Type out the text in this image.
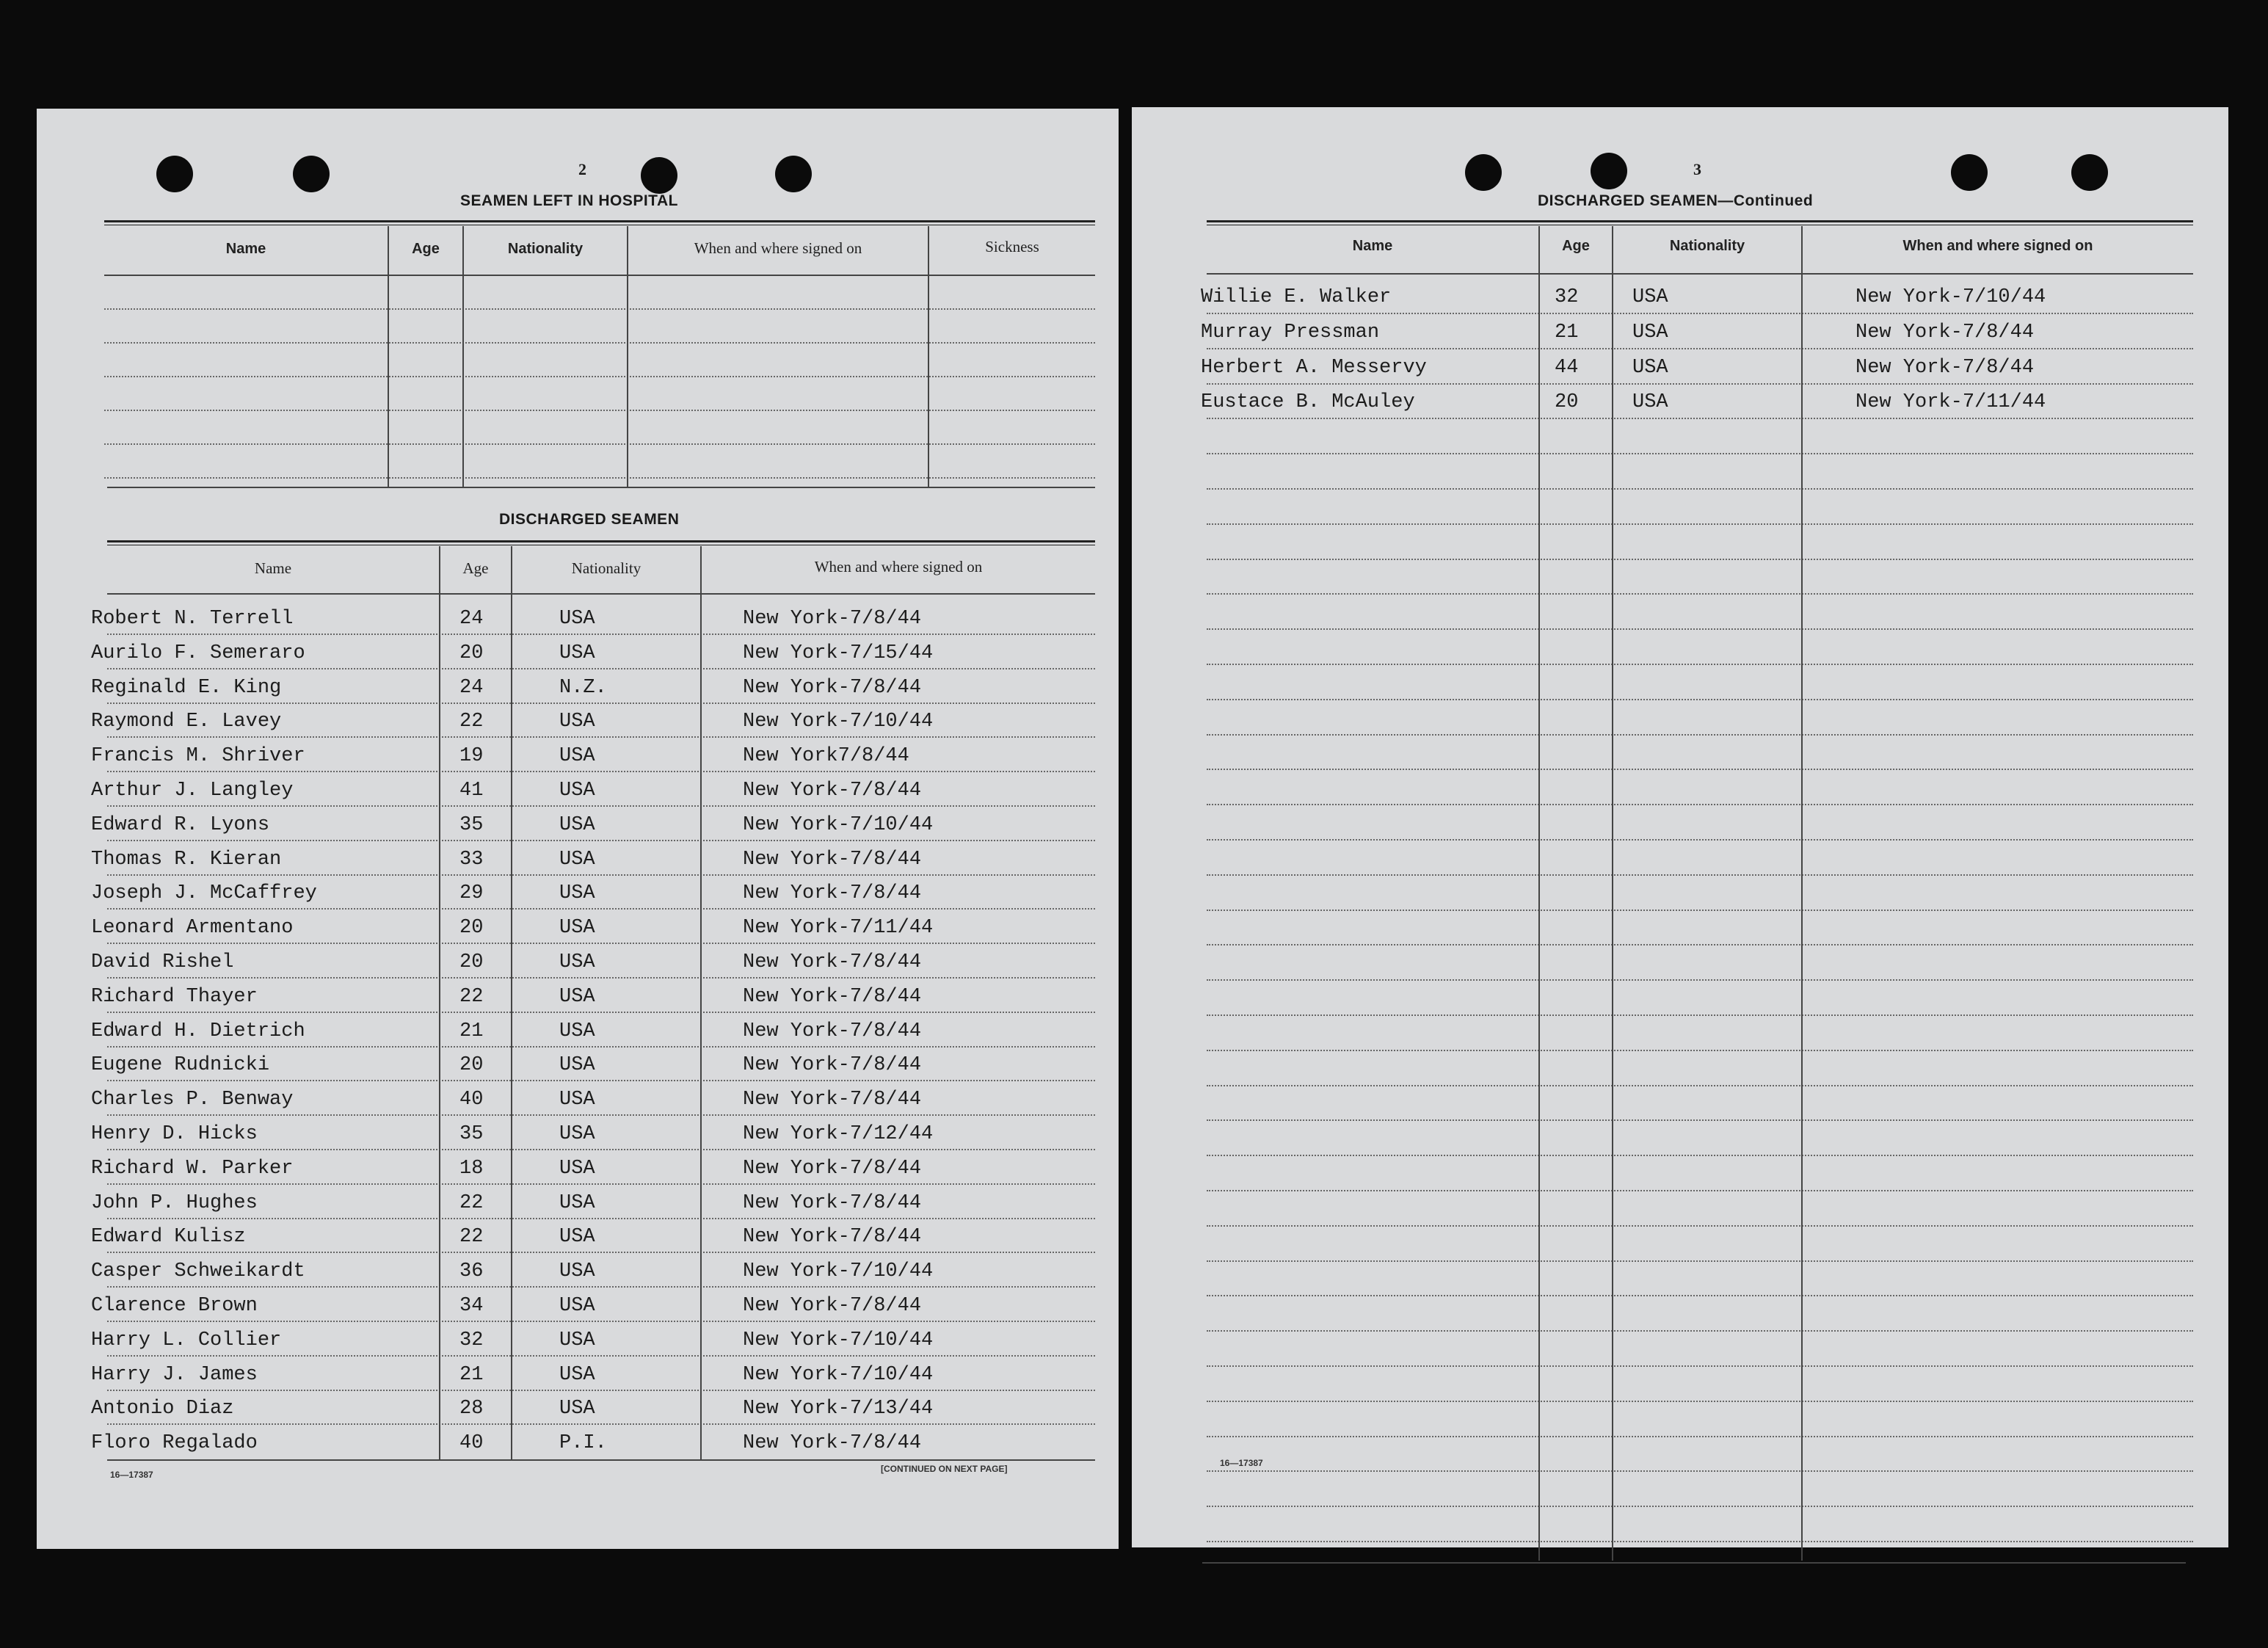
2
SEAMEN LEFT IN HOSPITAL
Name	Age	Nationality	When and where signed on	Sickness
DISCHARGED SEAMEN
Name	Age	Nationality	When and where signed on
Robert N. Terrell	24	USA	New York-7/8/44
Aurilo F. Semeraro	20	USA	New York-7/15/44
Reginald E. King	24	N.Z.	New York-7/8/44
Raymond E. Lavey	22	USA	New York-7/10/44
Francis M. Shriver	19	USA	New York7/8/44
Arthur J. Langley	41	USA	New York-7/8/44
Edward R. Lyons	35	USA	New York-7/10/44
Thomas R. Kieran	33	USA	New York-7/8/44
Joseph J. McCaffrey	29	USA	New York-7/8/44
Leonard Armentano	20	USA	New York-7/11/44
David Rishel	20	USA	New York-7/8/44
Richard Thayer	22	USA	New York-7/8/44
Edward H. Dietrich	21	USA	New York-7/8/44
Eugene Rudnicki	20	USA	New York-7/8/44
Charles P. Benway	40	USA	New York-7/8/44
Henry D. Hicks	35	USA	New York-7/12/44
Richard W. Parker	18	USA	New York-7/8/44
John P. Hughes	22	USA	New York-7/8/44
Edward Kulisz	22	USA	New York-7/8/44
Casper Schweikardt	36	USA	New York-7/10/44
Clarence Brown	34	USA	New York-7/8/44
Harry L. Collier	32	USA	New York-7/10/44
Harry J. James	21	USA	New York-7/10/44
Antonio Diaz	28	USA	New York-7/13/44
Floro Regalado	40	P.I.	New York-7/8/44
16—17387
[CONTINUED ON NEXT PAGE]
3
DISCHARGED SEAMEN—Continued
Name	Age	Nationality	When and where signed on
Willie E. Walker	32	USA	New York-7/10/44
Murray Pressman	21	USA	New York-7/8/44
Herbert A. Messervy	44	USA	New York-7/8/44
Eustace B. McAuley	20	USA	New York-7/11/44
16—17387
